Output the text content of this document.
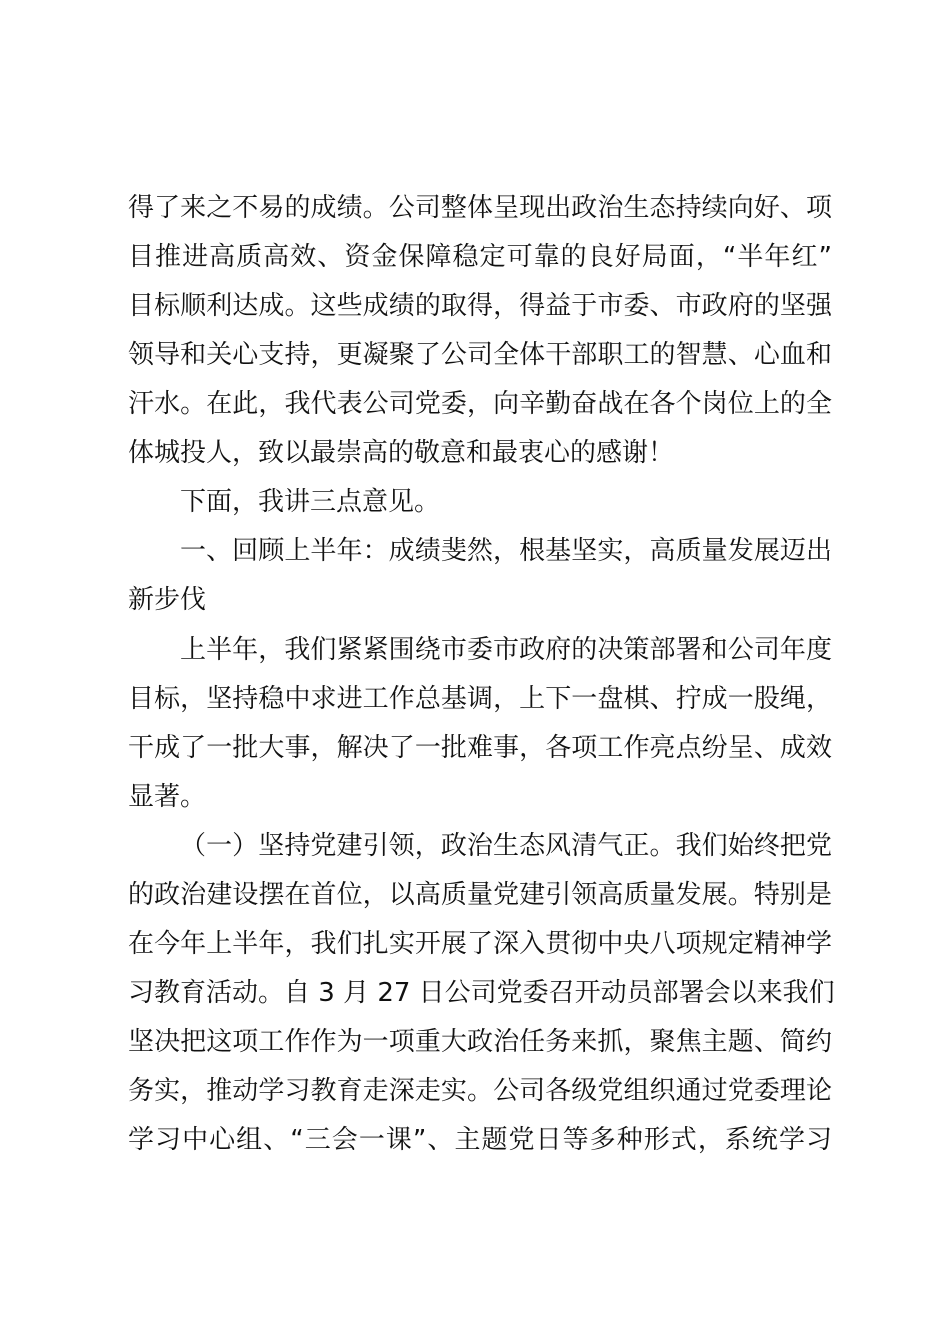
得了来之不易的成绩。公司整体呈现出政治生态持续向好、项
目推进高质高效、资金保障稳定可靠的良好局面，“半年红”
目标顺利达成。这些成绩的取得，得益于市委、市政府的坚强
领导和关心支持，更凝聚了公司全体干部职工的智慧、心血和
汗水。在此，我代表公司党委，向辛勤奋战在各个岗位上的全
体城投人，致以最崇高的敬意和最衷心的感谢！
下面，我讲三点意见。
一、回顾上半年：成绩斐然，根基坚实，高质量发展迈出
新步伐
上半年，我们紧紧围绕市委市政府的决策部署和公司年度
目标，坚持稳中求进工作总基调，上下一盘棋、拧成一股绳，
干成了一批大事，解决了一批难事，各项工作亮点纷呈、成效
显著。
（一）坚持党建引领，政治生态风清气正。我们始终把党
的政治建设摆在首位，以高质量党建引领高质量发展。特别是
在今年上半年，我们扎实开展了深入贯彻中央八项规定精神学
习教育活动。自 3 月 27 日公司党委召开动员部署会以来我们
坚决把这项工作作为一项重大政治任务来抓，聚焦主题、简约
务实，推动学习教育走深走实。公司各级党组织通过党委理论
学习中心组、“三会一课”、主题党日等多种形式，系统学习
